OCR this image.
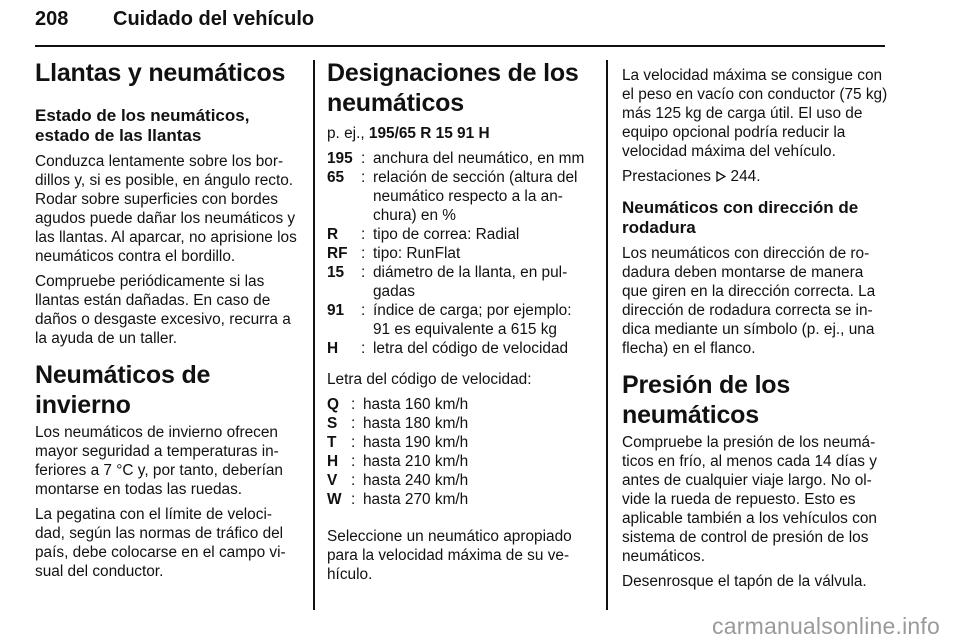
208 Cuidado del vehículo
Llantas y neumáticos
Estado de los neumáticos, estado de las llantas

Conduzca lentamente sobre los bor-dillos y, si es posible, en ángulo recto. Rodar sobre superficies con bordes agudos puede dañar los neumáticos y las llantas. Al aparcar, no aprisione los neumáticos contra el bordillo.

Compruebe periódicamente si las llantas están dañadas. En caso de daños o desgaste excesivo, recurra a la ayuda de un taller.

Neumáticos de invierno

Los neumáticos de invierno ofrecen mayor seguridad a temperaturas in-feriores a 7 °C y, por tanto, deberían montarse en todas las ruedas.

La pegatina con el límite de veloci-dad, según las normas de tráfico del país, debe colocarse en el campo vi-sual del conductor.

Designaciones de los neumáticos

p. ej., 195/65 R 15 91 H

195 : anchura del neumático, en mm
65	: relación de sección (altura del neumático respecto a la an-chura) en %
R	: tipo de correa: Radial
RF : tipo: RunFlat
15	: diámetro de la llanta, en pul-gadas
91	: índice de carga; por ejemplo: 91 es equivalente a 615 kg
H	: letra del código de velocidad

Letra del código de velocidad:

Q : hasta 160 km/h
S : hasta 180 km/h
T : hasta 190 km/h
H : hasta 210 km/h
V : hasta 240 km/h
W : hasta 270 km/h

Seleccione un neumático apropiado para la velocidad máxima de su ve-hículo.

La velocidad máxima se consigue con el peso en vacío con conductor (75 kg) más 125 kg de carga útil. El uso de equipo opcional podría reducir la velocidad máxima del vehículo.

Prestaciones  244.

Neumáticos con dirección de rodadura

Los neumáticos con dirección de ro-dadura deben montarse de manera que giren en la dirección correcta. La dirección de rodadura correcta se in-dica mediante un símbolo (p. ej., una flecha) en el flanco.

Presión de los neumáticos

Compruebe la presión de los neumá-ticos en frío, al menos cada 14 días y antes de cualquier viaje largo. No ol-vide la rueda de repuesto. Esto es aplicable también a los vehículos con sistema de control de presión de los neumáticos.

Desenrosque el tapón de la válvula.

carmanualsonline.info
